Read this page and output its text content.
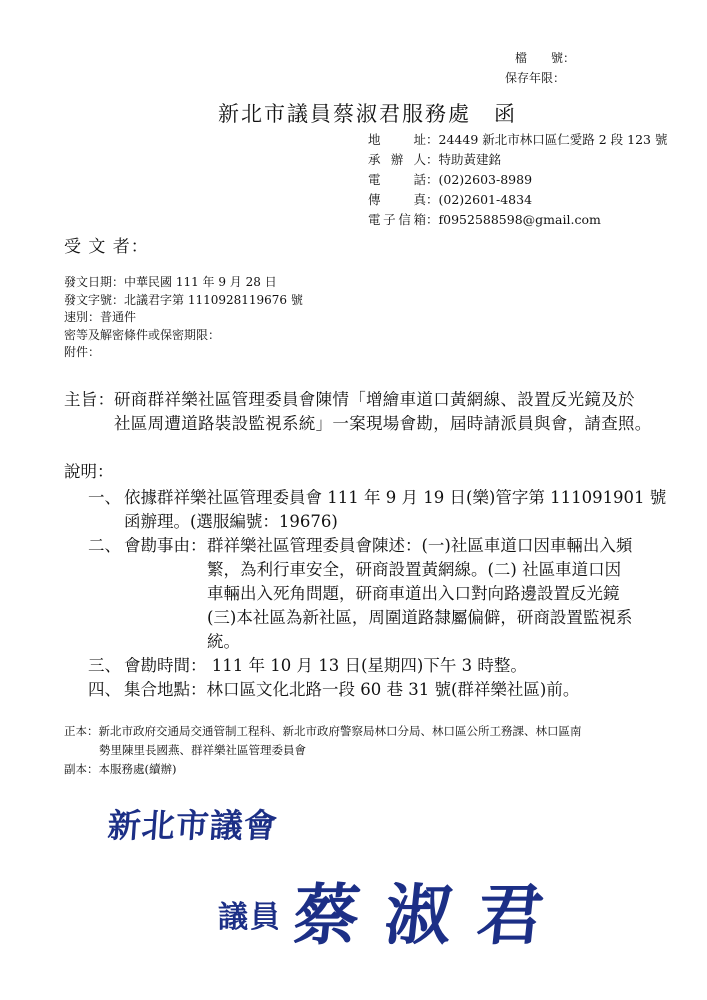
檔　　號：
保存年限：
新北市議員蔡淑君服務處　函
地　　址：24449 新北市林口區仁愛路 2 段 123 號
承 辦 人：特助黃建銘
電　　話：(02)2603-8989
傳　　真：(02)2601-4834
電子信箱：f0952588598@gmail.com
受 文 者：
發文日期：中華民國 111 年 9 月 28 日
發文字號：北議君字第 1110928119676 號
速別：普通件
密等及解密條件或保密期限：
附件：
主旨： 研商群祥樂社區管理委員會陳情「增繪車道口黃網線、設置反光鏡及於
社區周遭道路裝設監視系統」一案現場會勘，屆時請派員與會，請查照。
說明：
一、 依據群祥樂社區管理委員會 111 年 9 月 19 日(樂)管字第 111091901 號
函辦理。(選服編號：19676)
二、 會勘事由： 群祥樂社區管理委員會陳述：(一)社區車道口因車輛出入頻
繁，為利行車安全，研商設置黃網線。(二) 社區車道口因
車輛出入死角問題，研商車道出入口對向路邊設置反光鏡
(三)本社區為新社區，周圍道路隸屬偏僻，研商設置監視系
統。
三、 會勘時間： 111 年 10 月 13 日(星期四)下午 3 時整。
四、 集合地點：林口區文化北路一段 60 巷 31 號(群祥樂社區)前。
正本：新北市政府交通局交通管制工程科、新北市政府警察局林口分局、林口區公所工務課、林口區南
勢里陳里長國燕、群祥樂社區管理委員會
副本：本服務處(續辦)
新北市議會
議員 蔡淑君
